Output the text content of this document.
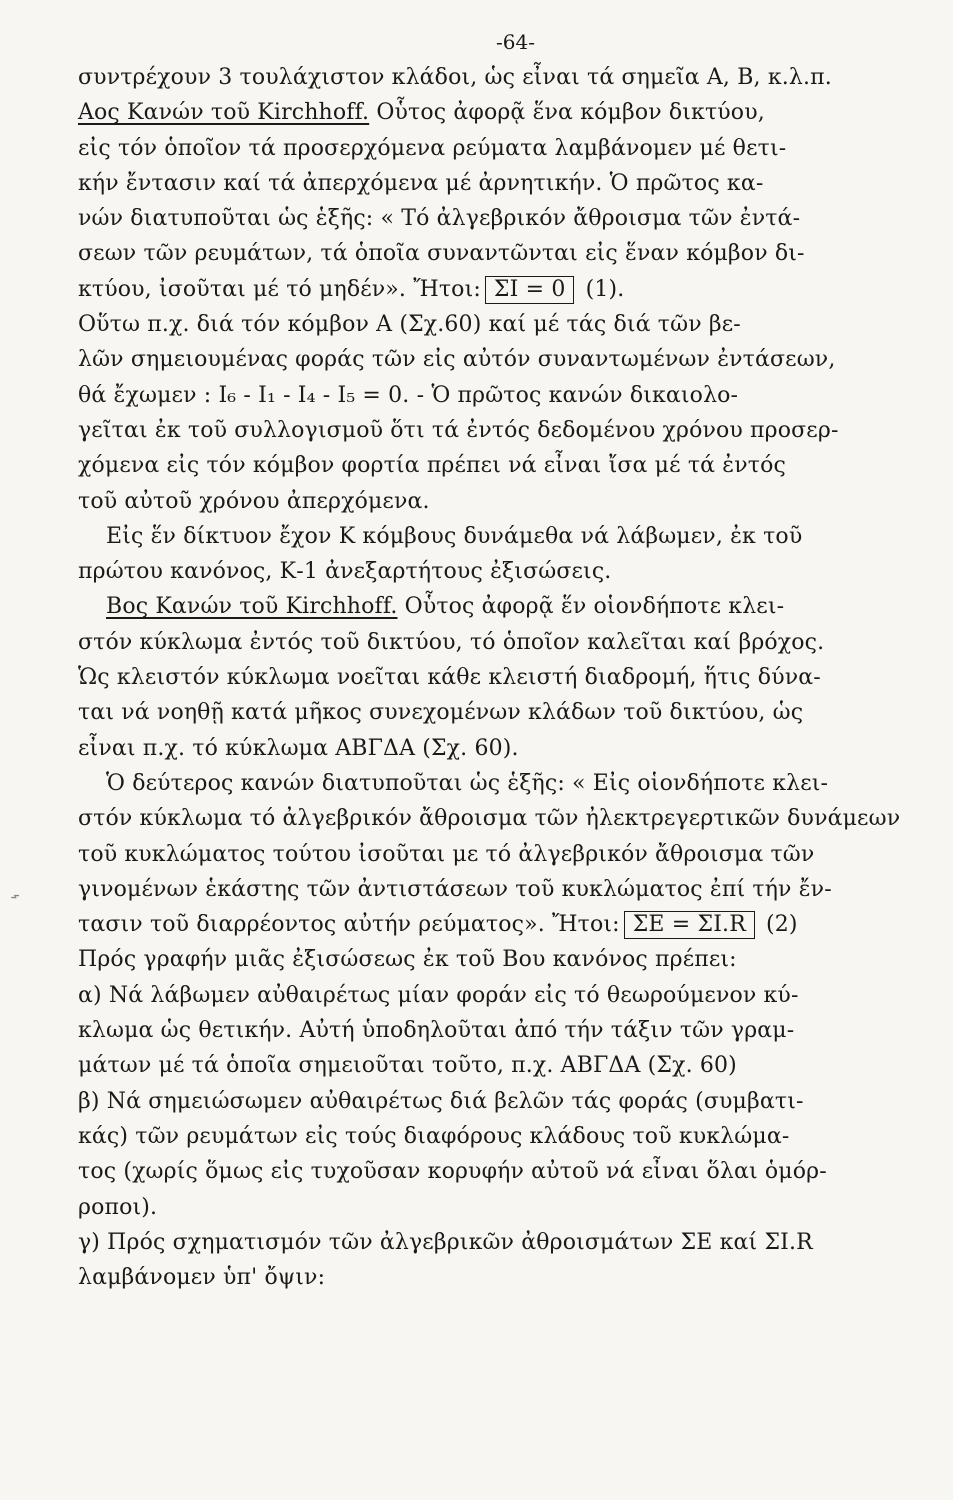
-64-
συντρέχουν 3 τουλάχιστον κλάδοι, ὡς εἶναι τά σημεῖα Α, Β, κ.λ.π.
Αος Κανών τοῦ Kirchhoff. Οὗτος ἀφορᾷ ἕνα κόμβον δικτύου,
εἰς τόν ὁποῖον τά προσερχόμενα ρεύματα λαμβάνομεν μέ θετι-
κήν ἔντασιν καί τά ἀπερχόμενα μέ ἀρνητικήν. Ὁ πρῶτος κα-
νών διατυποῦται ὡς ἑξῆς: « Τό ἀλγεβρικόν ἄθροισμα τῶν ἐντά-
σεων τῶν ρευμάτων, τά ὁποῖα συναντῶνται εἰς ἕναν κόμβον δι-
κτύου, ἰσοῦται μέ τό μηδέν». Ἤτοι: ΣΙ = 0 (1).
Οὕτω π.χ. διά τόν κόμβον Α (Σχ.60) καί μέ τάς διά τῶν βε-
λῶν σημειουμένας φοράς τῶν εἰς αὐτόν συναντωμένων ἐντάσεων,
θά ἔχωμεν : I₆ - I₁ - I₄ - I₅ = 0. - Ὁ πρῶτος κανών δικαιολο-
γεῖται ἐκ τοῦ συλλογισμοῦ ὅτι τά ἐντός δεδομένου χρόνου προσερ-
χόμενα εἰς τόν κόμβον φορτία πρέπει νά εἶναι ἴσα μέ τά ἐντός
τοῦ αὐτοῦ χρόνου ἀπερχόμενα.
Εἰς ἕν δίκτυον ἔχον Κ κόμβους δυνάμεθα νά λάβωμεν, ἐκ τοῦ
πρώτου κανόνος, Κ-1 ἀνεξαρτήτους ἐξισώσεις.
Βος Κανών τοῦ Kirchhoff. Οὗτος ἀφορᾷ ἕν οἱονδήποτε κλει-
στόν κύκλωμα ἐντός τοῦ δικτύου, τό ὁποῖον καλεῖται καί βρόχος.
Ὡς κλειστόν κύκλωμα νοεῖται κάθε κλειστή διαδρομή, ἥτις δύνα-
ται νά νοηθῇ κατά μῆκος συνεχομένων κλάδων τοῦ δικτύου, ὡς
εἶναι π.χ. τό κύκλωμα ΑΒΓΔΑ (Σχ. 60).
Ὁ δεύτερος κανών διατυποῦται ὡς ἑξῆς: « Εἰς οἱονδήποτε κλει-
στόν κύκλωμα τό ἀλγεβρικόν ἄθροισμα τῶν ἠλεκτρεγερτικῶν δυνάμεων
τοῦ κυκλώματος τούτου ἰσοῦται με τό ἀλγεβρικόν ἄθροισμα τῶν
γινομένων ἑκάστης τῶν ἀντιστάσεων τοῦ κυκλώματος ἐπί τήν ἔν-
τασιν τοῦ διαρρέοντος αὐτήν ρεύματος». Ἤτοι: ΣΕ = ΣΙ.R (2)
Πρός γραφήν μιᾶς ἐξισώσεως ἐκ τοῦ Βου κανόνος πρέπει:
α) Νά λάβωμεν αὐθαιρέτως μίαν φοράν εἰς τό θεωρούμενον κύ-
κλωμα ὡς θετικήν. Αὐτή ὑποδηλοῦται ἀπό τήν τάξιν τῶν γραμ-
μάτων μέ τά ὁποῖα σημειοῦται τοῦτο, π.χ. ΑΒΓΔΑ (Σχ. 60)
β) Νά σημειώσωμεν αὐθαιρέτως διά βελῶν τάς φοράς (συμβατι-
κάς) τῶν ρευμάτων εἰς τούς διαφόρους κλάδους τοῦ κυκλώμα-
τος (χωρίς ὅμως εἰς τυχοῦσαν κορυφήν αὐτοῦ νά εἶναι ὅλαι ὁμόρ-
ροποι).
γ) Πρός σχηματισμόν τῶν ἀλγεβρικῶν ἀθροισμάτων ΣΕ καί ΣΙ.R
λαμβάνομεν ὑπ' ὄψιν:
⌁
